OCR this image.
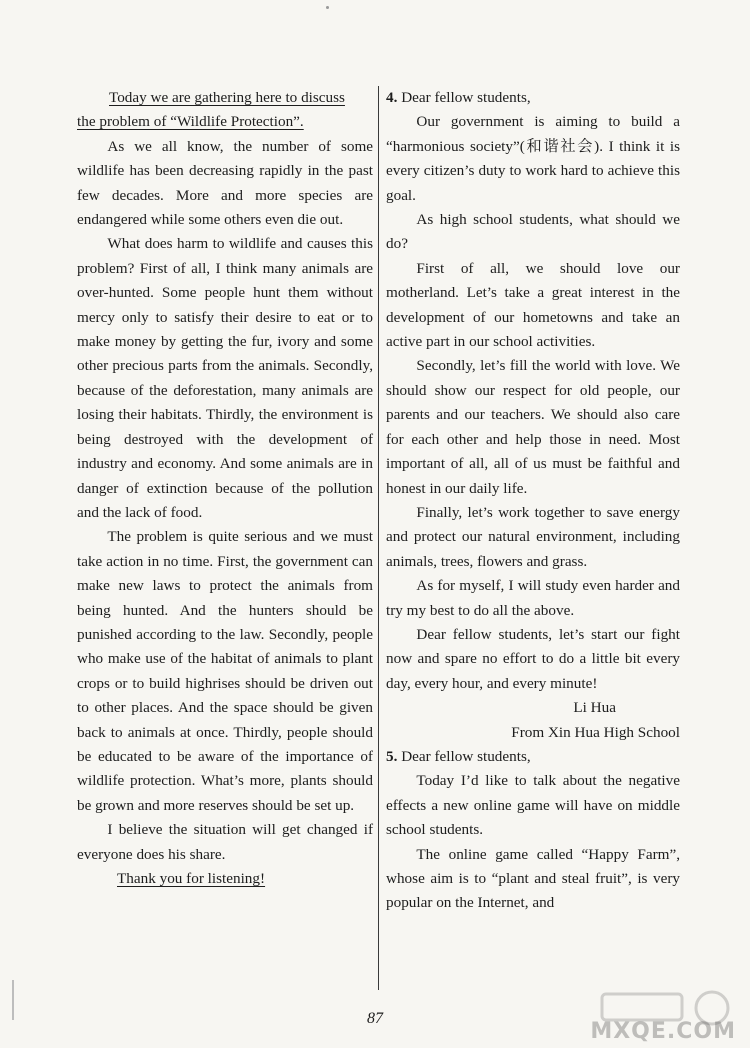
Today we are gathering here to discuss
the problem of “Wildlife Protection”.

As we all know, the number of some wildlife has been decreasing rapidly in the past few decades. More and more species are endangered while some others even die out.

What does harm to wildlife and causes this problem? First of all, I think many animals are over-hunted. Some people hunt them without mercy only to satisfy their desire to eat or to make money by getting the fur, ivory and some other precious parts from the animals. Secondly, because of the deforestation, many animals are losing their habitats. Thirdly, the environment is being destroyed with the development of industry and economy. And some animals are in danger of extinction because of the pollution and the lack of food.

The problem is quite serious and we must take action in no time. First, the government can make new laws to protect the animals from being hunted. And the hunters should be punished according to the law. Secondly, people who make use of the habitat of animals to plant crops or to build highrises should be driven out to other places. And the space should be given back to animals at once. Thirdly, people should be educated to be aware of the importance of wildlife protection. What’s more, plants should be grown and more reserves should be set up.

I believe the situation will get changed if everyone does his share.

Thank you for listening!

4. Dear fellow students,

Our government is aiming to build a “harmonious society”(和谐社会). I think it is every citizen’s duty to work hard to achieve this goal.

As high school students, what should we do?

First of all, we should love our motherland. Let’s take a great interest in the development of our hometowns and take an active part in our school activities.

Secondly, let’s fill the world with love. We should show our respect for old people, our parents and our teachers. We should also care for each other and help those in need. Most important of all, all of us must be faithful and honest in our daily life.

Finally, let’s work together to save energy and protect our natural environment, including animals, trees, flowers and grass.

As for myself, I will study even harder and try my best to do all the above.

Dear fellow students, let’s start our fight now and spare no effort to do a little bit every day, every hour, and every minute!

Li Hua

From Xin Hua High School

5. Dear fellow students,

Today I’d like to talk about the negative effects a new online game will have on middle school students.

The online game called “Happy Farm”, whose aim is to “plant and steal fruit”, is very popular on the Internet, and

87
MXQE.COM
